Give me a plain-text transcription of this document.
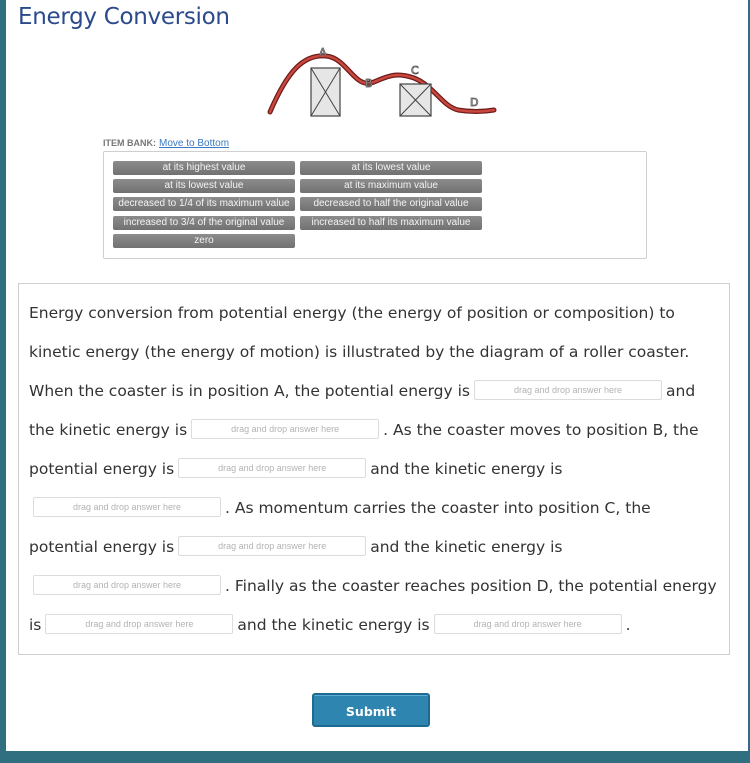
Energy Conversion
A
B
C
D
ITEM BANK: Move to Bottom
at its highest value	at its lowest value
at its lowest value	at its maximum value
decreased to 1/4 of its maximum value	decreased to half the original value
increased to 3/4 of the original value	increased to half its maximum value
zero
Energy conversion from potential energy (the energy of position or composition) to kinetic energy (the energy of motion) is illustrated by the diagram of a roller coaster. When the coaster is in position A, the potential energy is	drag and drop answer here	and the kinetic energy is	drag and drop answer here	. As the coaster moves to position B, the potential energy is	drag and drop answer here	and the kinetic energy isdrag and drop answer here	. As momentum carries the coaster into position C, the potential energy is	drag and drop answer here	and the kinetic energy isdrag and drop answer here	. Finally as the coaster reaches position D, the potential energy is	drag and drop answer here	and the kinetic energy is	drag and drop answer here	.
Submit Answers
